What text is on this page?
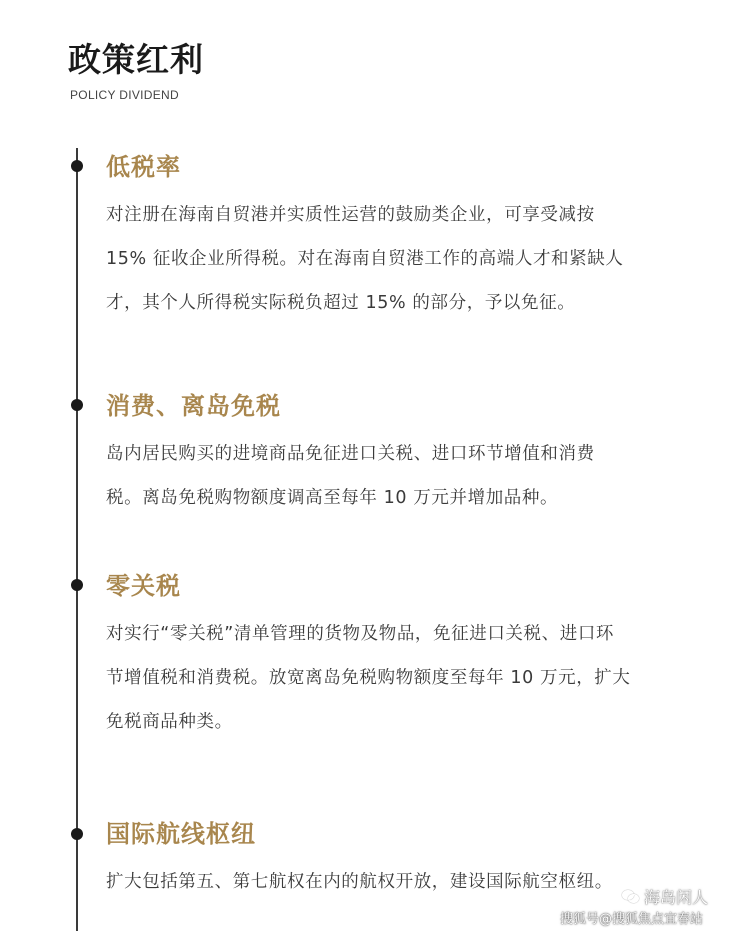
政策红利
POLICY DIVIDEND
低税率

对注册在海南自贸港并实质性运营的鼓励类企业，可享受减按
15% 征收企业所得税。对在海南自贸港工作的高端人才和紧缺人
才，其个人所得税实际税负超过 15% 的部分，予以免征。

消费、离岛免税

岛内居民购买的进境商品免征进口关税、进口环节增值和消费
税。离岛免税购物额度调高至每年 10 万元并增加品种。

零关税

对实行“零关税”清单管理的货物及物品，免征进口关税、进口环
节增值税和消费税。放宽离岛免税购物额度至每年 10 万元，扩大
免税商品种类。

国际航线枢纽

扩大包括第五、第七航权在内的航权开放，建设国际航空枢纽。

海岛闲人
搜狐号@搜狐焦点宜春站
